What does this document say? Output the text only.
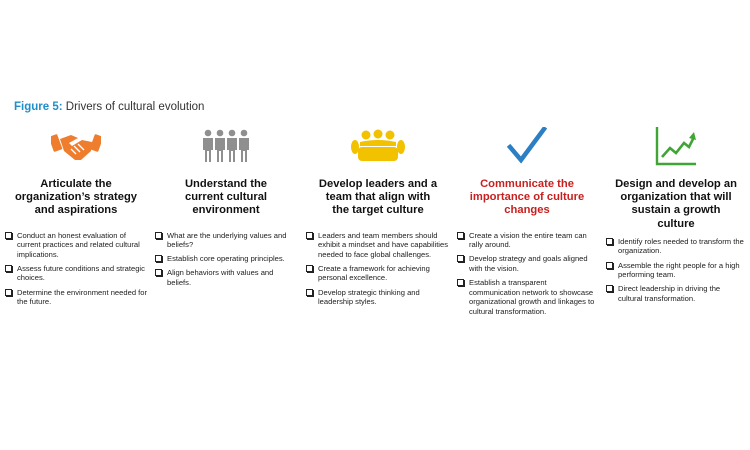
Figure 5: Drivers of cultural evolution
Articulate the
organization’s strategy
and aspirations
Conduct an honest evaluation of current practices and related cultural implications.
Assess future conditions and strategic choices.
Determine the environment needed for the future.
Understand the
current cultural
environment
What are the underlying values and beliefs?
Establish core operating principles.
Align behaviors with values and beliefs.
Develop leaders and a
team that align with
the target culture
Leaders and team members should exhibit a mindset and have capabilities needed to face global challenges.
Create a framework for achieving personal excellence.
Develop strategic thinking and leadership styles.
Communicate the
importance of culture
changes
Create a vision the entire team can rally around.
Develop strategy and goals aligned with the vision.
Establish a transparent communication network to showcase organizational growth and linkages to cultural transformation.
Design and develop an
organization that will
sustain a growth
culture
Identify roles needed to transform the organization.
Assemble the right people for a high performing team.
Direct leadership in driving the cultural transformation.
